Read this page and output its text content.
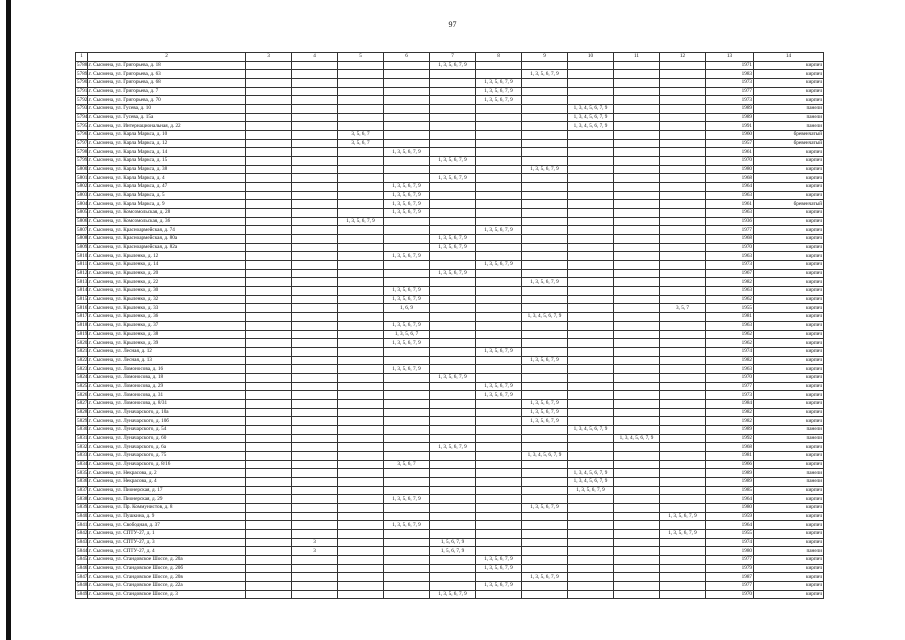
97
1	2	3	4	5	6	7	8	9	10	11	12	13	14
5788.	г. Сысмена, ул. Григорьева, д. 18					1, 3, 5, 6, 7, 9						1971	кирпич
5789.	г. Сысмена, ул. Григорьева, д. 63							1, 3, 5, 6, 7, 9				1983	кирпич
5790.	г. Сысмена, ул. Григорьева, д. 68						1, 3, 5, 6, 7, 9					1973	кирпич
5791.	г. Сысмена, ул. Григорьева, д. 7						1, 3, 5, 6, 7, 9					1977	кирпич
5792.	г. Сысмена, ул. Григорьева, д. 70						1, 3, 5, 6, 7, 9					1973	кирпич
5793.	г. Сысмена, ул. Гусева, д. 10								1, 3, 4, 5, 6, 7, 9			1989	панели
5794.	г. Сысмена, ул. Гусева, д. 15а								1, 3, 4, 5, 6, 7, 9			1989	панели
5795.	г. Сысмена, ул. Интернациональная, д. 22								1, 3, 4, 5, 6, 7, 9			1991	панели
5796.	г. Сысмена, ул. Карла Маркса, д. 10			3, 5, 6, 7								1960	бревенчатый
5797.	г. Сысмена, ул. Карла Маркса, д. 12			3, 5, 6, 7								1957	бревенчатый
5798.	г. Сысмена, ул. Карла Маркса, д. 14				1, 3, 5, 6, 7, 9							1961	кирпич
5799.	г. Сысмена, ул. Карла Маркса, д. 15					1, 3, 5, 6, 7, 9						1970	кирпич
5800.	г. Сысмена, ул. Карла Маркса, д. 38							1, 3, 5, 6, 7, 9				1980	кирпич
5801.	г. Сысмена, ул. Карла Маркса, д. 4					1, 3, 5, 6, 7, 9						1968	кирпич
5802.	г. Сысмена, ул. Карла Маркса, д. 47				1, 3, 5, 6, 7, 9							1964	кирпич
5803.	г. Сысмена, ул. Карла Маркса, д. 5				1, 3, 5, 6, 7, 9							1963	кирпич
5804.	г. Сысмена, ул. Карла Маркса, д. 9				1, 3, 5, 6, 7, 9							1961	бревенчатый
5805.	г. Сысмена, ул. Комсомольская, д. 28				1, 3, 5, 6, 7, 9							1963	кирпич
5806.	г. Сысмена, ул. Комсомольская, д. 36			1, 3, 5, 6, 7, 9								1936	кирпич
5807.	г. Сысмена, ул. Красноармейская, д. 74						1, 3, 5, 6, 7, 9					1977	кирпич
5808.	г. Сысмена, ул. Красноармейская, д. 80а					1, 3, 5, 6, 7, 9						1968	кирпич
5809.	г. Сысмена, ул. Красноармейская, д. 82а					1, 3, 5, 6, 7, 9						1970	кирпич
5810.	г. Сысмена, ул. Крыленко, д. 12				1, 3, 5, 6, 7, 9							1963	кирпич
5811.	г. Сысмена, ул. Крыленко, д. 14						1, 3, 5, 6, 7, 9					1973	кирпич
5812.	г. Сысмена, ул. Крыленко, д. 20					1, 3, 5, 6, 7, 9						1967	кирпич
5813.	г. Сысмена, ул. Крыленко, д. 22							1, 3, 5, 6, 7, 9				1982	кирпич
5814.	г. Сысмена, ул. Крыленко, д. 30				1, 3, 5, 6, 7, 9							1963	кирпич
5815.	г. Сысмена, ул. Крыленко, д. 32				1, 3, 5, 6, 7, 9							1962	кирпич
5816.	г. Сысмена, ул. Крыленко, д. 33				1, 6, 9						3, 5, 7	1955	кирпич
5817.	г. Сысмена, ул. Крыленко, д. 36							1, 3, 4, 5, 6, 7, 9				1981	кирпич
5818.	г. Сысмена, ул. Крыленко, д. 37				1, 3, 5, 6, 7, 9							1963	кирпич
5819.	г. Сысмена, ул. Крыленко, д. 38				1, 3, 5, 6, 7							1962	кирпич
5820.	г. Сысмена, ул. Крыленко, д. 39				1, 3, 5, 6, 7, 9							1962	кирпич
5821.	г. Сысмена, ул. Лесная, д. 12						1, 3, 5, 6, 7, 9					1974	кирпич
5822.	г. Сысмена, ул. Лесная, д. 13							1, 3, 5, 6, 7, 9				1982	кирпич
5823.	г. Сысмена, ул. Ломоносова, д. 16				1, 3, 5, 6, 7, 9							1963	кирпич
5824.	г. Сысмена, ул. Ломоносова, д. 18					1, 3, 5, 6, 7, 9						1970	кирпич
5825.	г. Сысмена, ул. Ломоносова, д. 29						1, 3, 5, 6, 7, 9					1977	кирпич
5826.	г. Сысмена, ул. Ломоносова, д. 31						1, 3, 5, 6, 7, 9					1973	кирпич
5827.	г. Сысмена, ул. Ломоносова, д. 8/31							1, 3, 5, 6, 7, 9				1984	кирпич
5828.	г. Сысмена, ул. Луначарского, д. 10а							1, 3, 5, 6, 7, 9				1982	кирпич
5829.	г. Сысмена, ул. Луначарского, д. 10б							1, 3, 5, 6, 7, 9				1982	кирпич
5830.	г. Сысмена, ул. Луначарского, д. 54								1, 3, 4, 5, 6, 7, 9			1989	панели
5831.	г. Сысмена, ул. Луначарского, д. 60									1, 3, 4, 5, 6, 7, 9		1992	панели
5832.	г. Сысмена, ул. Луначарского, д. 6а					1, 3, 5, 6, 7, 9						1968	кирпич
5833.	г. Сысмена, ул. Луначарского, д. 75							1, 3, 4, 5, 6, 7, 9				1981	кирпич
5834.	г. Сысмена, ул. Луначарского, д. 8/16				3, 5, 6, 7							1966	кирпич
5835.	г. Сысмена, ул. Некрасова, д. 2								1, 3, 4, 5, 6, 7, 9			1989	панели
5836.	г. Сысмена, ул. Некрасова, д. 4								1, 3, 4, 5, 6, 7, 9			1989	панели
5837.	г. Сысмена, ул. Пионерская, д. 17								1, 3, 5, 6, 7, 9			1985	кирпич
5838.	г. Сысмена, ул. Пионерская, д. 29				1, 3, 5, 6, 7, 9							1964	кирпич
5839.	г. Сысмена, ул. Пр. Коммунистов, д. 8							1, 3, 5, 6, 7, 9				1980	кирпич
5840.	г. Сысмена, ул. Пушкина, д. 9										1, 3, 5, 6, 7, 9	1959	кирпич
5841.	г. Сысмена, ул. Свободная, д. 37				1, 3, 5, 6, 7, 9							1964	кирпич
5842.	г. Сысмена, ул. СПТУ-27, д. 1										1, 3, 5, 6, 7, 9	1955	кирпич
5843.	г. Сысмена, ул. СПТУ-27, д. 3		3			1, 5, 6, 7, 9						1974	кирпич
5844.	г. Сысмена, ул. СПТУ-27, д. 4		3			1, 5, 6, 7, 9						1980	панели
5845.	г. Сысмена, ул. Стандовское Шоссе, д. 20а						1, 3, 5, 6, 7, 9					1977	кирпич
5846.	г. Сысмена, ул. Стандовское Шоссе, д. 20б						1, 3, 5, 6, 7, 9					1979	кирпич
5847.	г. Сысмена, ул. Стандовское Шоссе, д. 20в							1, 3, 5, 6, 7, 9				1987	кирпич
5848.	г. Сысмена, ул. Стандовское Шоссе, д. 22а						1, 3, 5, 6, 7, 9					1977	кирпич
5849.	г. Сысмена, ул. Стандовское Шоссе, д. 3					1, 3, 5, 6, 7, 9						1970	кирпич
